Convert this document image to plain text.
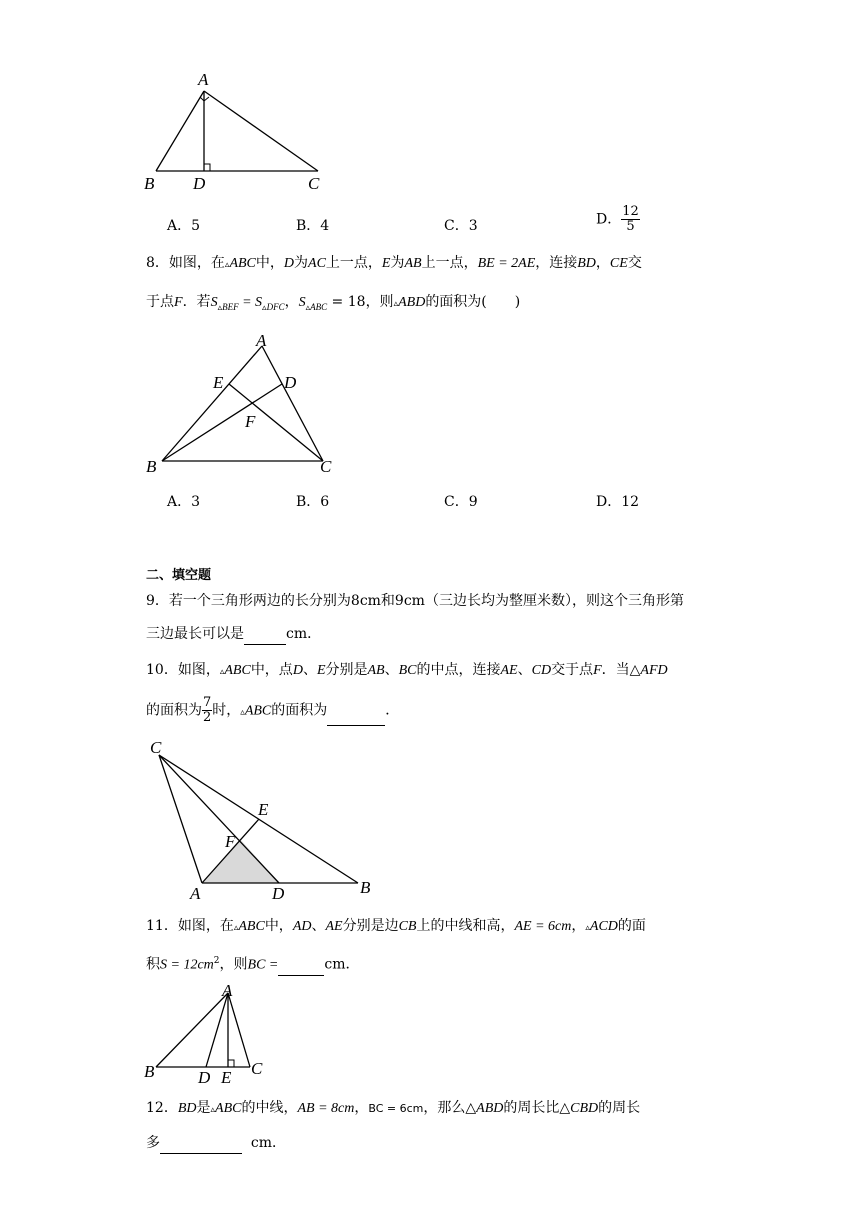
A
B D	C
A．5	B．4	C．3	D． $\frac{12}{5}$
8．如图，在▵ABC中，D为AC上一点，E为AB上一点，BE = 2AE，连接BD，CE交
于点F．若$S_{▵BEF} = S_{▵DFC}$，$S_{▵ABC} = 18$，则▵ABD的面积为(　　)
A
E	D
F
B	C
A．3	B．6	C．9	D．12
二、填空题
9．若一个三角形两边的长分别为8cm和9cm（三边长均为整厘米数），则这个三角形第
三边最长可以是	cm．
10．如图，▵ABC中，点D、E分别是AB、BC的中点，连接AE、CD交于点F．当△AFD
的面积为 $\frac{7}{2}$ 时，▵ABC的面积为	．
C
E
F
A	D	B
11．如图，在▵ABC中，AD、AE分别是边CB上的中线和高，AE = 6cm，▵ACD的面
积$S = 12cm^2$，则BC =	cm．
A
B	D E C
12．BD是▵ABC的中线，AB = 8cm，BC = 6cm，那么△ABD的周长比△CBD的周长
多	cm．
